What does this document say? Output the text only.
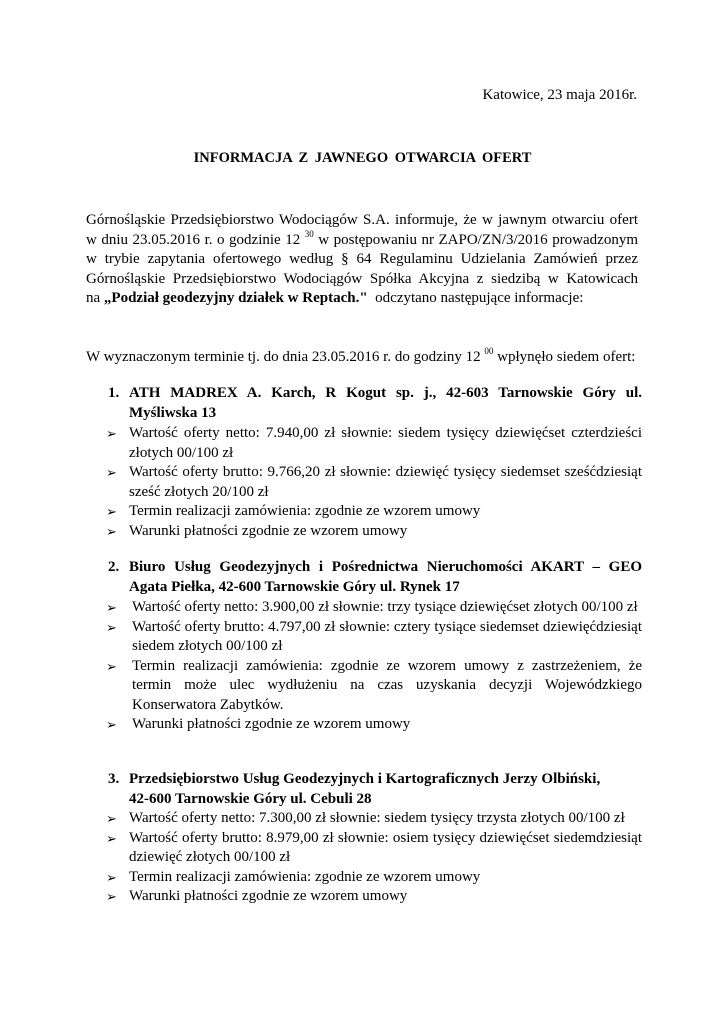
Katowice, 23 maja 2016r.
INFORMACJA Z JAWNEGO OTWARCIA OFERT
Górnośląskie Przedsiębiorstwo Wodociągów S.A. informuje, że w jawnym otwarciu ofert
w dniu 23.05.2016 r. o godzinie 12 $^{30}$ w postępowaniu nr ZAPO/ZN/3/2016 prowadzonym
w trybie zapytania ofertowego według § 64 Regulaminu Udzielania Zamówień przez
Górnośląskie Przedsiębiorstwo Wodociągów Spółka Akcyjna z siedzibą w Katowicach
na „Podział geodezyjny działek w Reptach." odczytano następujące informacje:
W wyznaczonym terminie tj. do dnia 23.05.2016 r. do godziny 12 $^{00}$ wpłynęło siedem ofert:
1. ATH MADREX A. Karch, R Kogut sp. j., 42-603 Tarnowskie Góry ul. Myśliwska 13
➢ Wartość oferty netto: 7.940,00 zł słownie: siedem tysięcy dziewięćset czterdzieści złotych 00/100 zł
➢ Wartość oferty brutto: 9.766,20 zł słownie: dziewięć tysięcy siedemset sześćdziesiąt sześć złotych 20/100 zł
➢ Termin realizacji zamówienia: zgodnie ze wzorem umowy
➢ Warunki płatności zgodnie ze wzorem umowy
2. Biuro Usług Geodezyjnych i Pośrednictwa Nieruchomości AKART – GEO Agata Piełka, 42-600 Tarnowskie Góry ul. Rynek 17
➢	Wartość oferty netto: 3.900,00 zł słownie: trzy tysiące dziewięćset złotych 00/100 zł
➢	Wartość oferty brutto: 4.797,00 zł słownie: cztery tysiące siedemset dziewięćdziesiąt siedem złotych 00/100 zł
➢	Termin realizacji zamówienia: zgodnie ze wzorem umowy z zastrzeżeniem, że termin może ulec wydłużeniu na czas uzyskania decyzji Wojewódzkiego Konserwatora Zabytków.
➢	Warunki płatności zgodnie ze wzorem umowy
3. Przedsiębiorstwo Usług Geodezyjnych i Kartograficznych Jerzy Olbiński,
42-600 Tarnowskie Góry ul. Cebuli 28
➢ Wartość oferty netto: 7.300,00 zł słownie: siedem tysięcy trzysta złotych 00/100 zł
➢ Wartość oferty brutto: 8.979,00 zł słownie: osiem tysięcy dziewięćset siedemdziesiąt dziewięć złotych 00/100 zł
➢ Termin realizacji zamówienia: zgodnie ze wzorem umowy
➢ Warunki płatności zgodnie ze wzorem umowy
